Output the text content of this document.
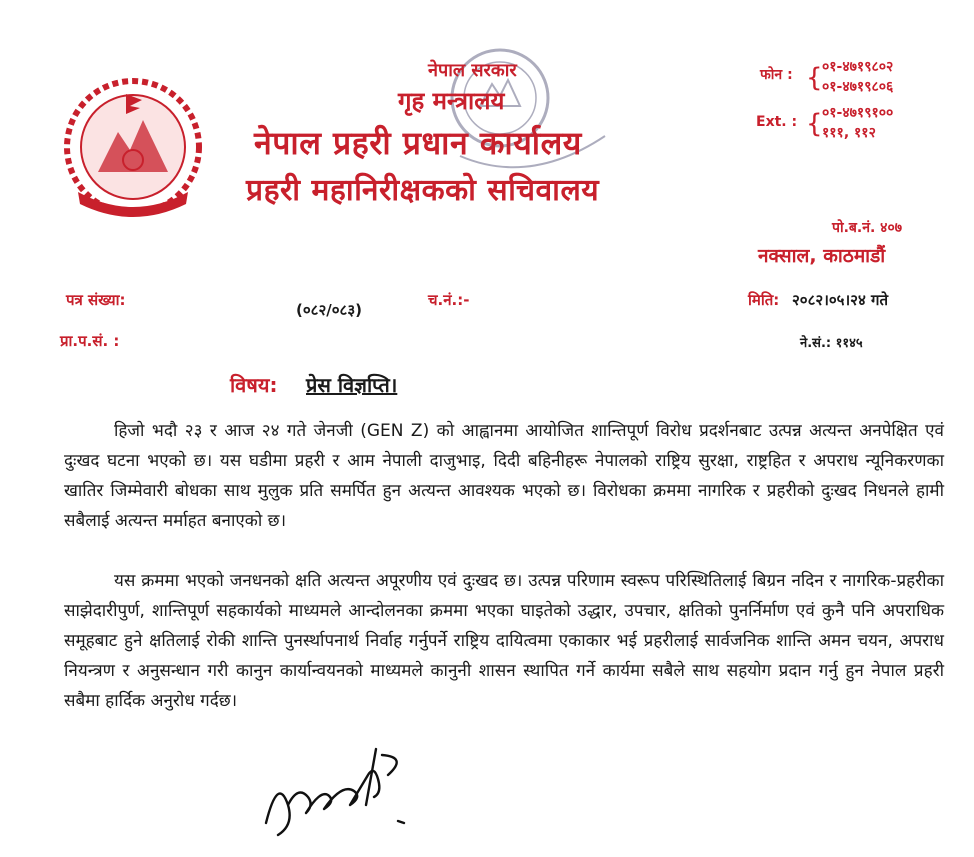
नेपाल सरकार
गृह मन्त्रालय
नेपाल प्रहरी प्रधान कार्यालय
प्रहरी महानिरीक्षकको सचिवालय
फोन : { ०१-४७१९८०२
०१-४७१९८०६
Ext. : { ०१-४७१९१००
१११, ११२
पो.ब.नं. ४०७
नक्साल, काठमाडौं
पत्र संख्या:
(०८२/०८३)
च.नं.:-	मिति: २०८२।०५।२४ गते
प्रा.प.सं. :	ने.सं.: ११४५
विषय: प्रेस विज्ञप्ति।

हिजो भदौ २३ र आज २४ गते जेनजी (GEN Z) को आह्वानमा आयोजित शान्तिपूर्ण विरोध प्रदर्शनबाट उत्पन्न अत्यन्त अनपेक्षित एवं दुःखद घटना भएको छ। यस घडीमा प्रहरी र आम नेपाली दाजुभाइ, दिदी बहिनीहरू नेपालको राष्ट्रिय सुरक्षा, राष्ट्रहित र अपराध न्यूनिकरणका खातिर जिम्मेवारी बोधका साथ मुलुक प्रति समर्पित हुन अत्यन्त आवश्यक भएको छ। विरोधका क्रममा नागरिक र प्रहरीको दुःखद निधनले हामी सबैलाई अत्यन्त मर्माहत बनाएको छ।

यस क्रममा भएको जनधनको क्षति अत्यन्त अपूरणीय एवं दुःखद छ। उत्पन्न परिणाम स्वरूप परिस्थितिलाई बिग्रन नदिन र नागरिक-प्रहरीका साझेदारीपुर्ण, शान्तिपूर्ण सहकार्यको माध्यमले आन्दोलनका क्रममा भएका घाइतेको उद्धार, उपचार, क्षतिको पुनर्निर्माण एवं कुनै पनि अपराधिक समूहबाट हुने क्षतिलाई रोकी शान्ति पुनर्स्थापनार्थ निर्वाह गर्नुपर्ने राष्ट्रिय दायित्वमा एकाकार भई प्रहरीलाई सार्वजनिक शान्ति अमन चयन, अपराध नियन्त्रण र अनुसन्धान गरी कानुन कार्यान्वयनको माध्यमले कानुनी शासन स्थापित गर्ने कार्यमा सबैले साथ सहयोग प्रदान गर्नु हुन नेपाल प्रहरी सबैमा हार्दिक अनुरोध गर्दछ।
